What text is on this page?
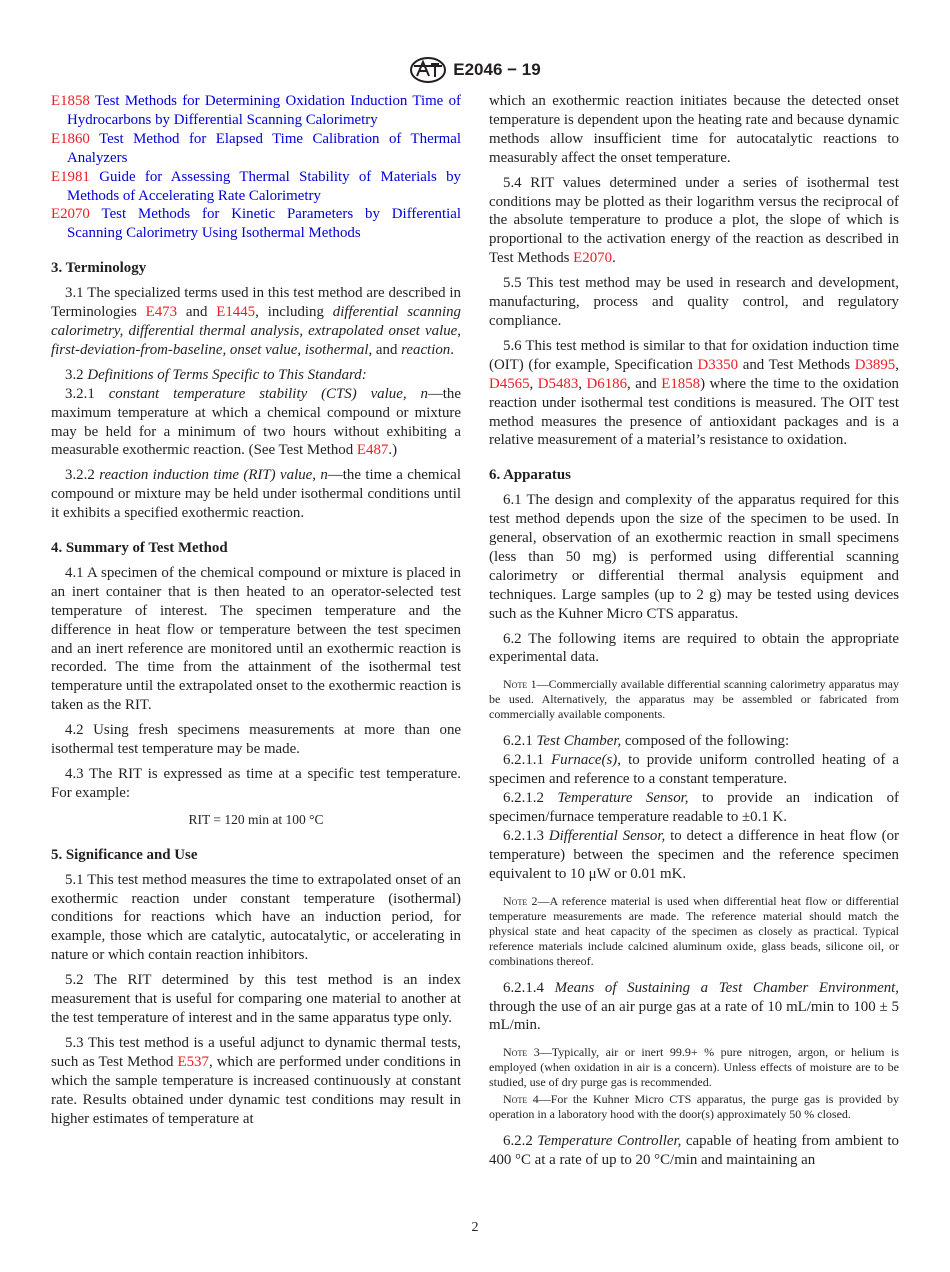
E2046 − 19

E1858 Test Methods for Determining Oxidation Induction Time of Hydrocarbons by Differential Scanning Calorimetry

E1860 Test Method for Elapsed Time Calibration of Thermal Analyzers

E1981 Guide for Assessing Thermal Stability of Materials by Methods of Accelerating Rate Calorimetry

E2070 Test Methods for Kinetic Parameters by Differential Scanning Calorimetry Using Isothermal Methods

3. Terminology

3.1 The specialized terms used in this test method are described in Terminologies E473 and E1445, including differential scanning calorimetry, differential thermal analysis, extrapolated onset value, first-deviation-from-baseline, onset value, isothermal, and reaction.

3.2 Definitions of Terms Specific to This Standard:

3.2.1 constant temperature stability (CTS) value, n—the maximum temperature at which a chemical compound or mixture may be held for a minimum of two hours without exhibiting a measurable exothermic reaction. (See Test Method E487.)

3.2.2 reaction induction time (RIT) value, n—the time a chemical compound or mixture may be held under isothermal conditions until it exhibits a specified exothermic reaction.

4. Summary of Test Method

4.1 A specimen of the chemical compound or mixture is placed in an inert container that is then heated to an operator-selected test temperature of interest. The specimen temperature and the difference in heat flow or temperature between the test specimen and an inert reference are monitored until an exothermic reaction is recorded. The time from the attainment of the isothermal test temperature until the extrapolated onset to the exothermic reaction is taken as the RIT.

4.2 Using fresh specimens measurements at more than one isothermal test temperature may be made.

4.3 The RIT is expressed as time at a specific test temperature. For example:

RIT = 120 min at 100 °C
5. Significance and Use

5.1 This test method measures the time to extrapolated onset of an exothermic reaction under constant temperature (isothermal) conditions for reactions which have an induction period, for example, those which are catalytic, autocatalytic, or accelerating in nature or which contain reaction inhibitors.

5.2 The RIT determined by this test method is an index measurement that is useful for comparing one material to another at the test temperature of interest and in the same apparatus type only.

5.3 This test method is a useful adjunct to dynamic thermal tests, such as Test Method E537, which are performed under conditions in which the sample temperature is increased continuously at constant rate. Results obtained under dynamic test conditions may result in higher estimates of temperature at

which an exothermic reaction initiates because the detected onset temperature is dependent upon the heating rate and because dynamic methods allow insufficient time for autocatalytic reactions to measurably affect the onset temperature.

5.4 RIT values determined under a series of isothermal test conditions may be plotted as their logarithm versus the reciprocal of the absolute temperature to produce a plot, the slope of which is proportional to the activation energy of the reaction as described in Test Methods E2070.

5.5 This test method may be used in research and development, manufacturing, process and quality control, and regulatory compliance.

5.6 This test method is similar to that for oxidation induction time (OIT) (for example, Specification D3350 and Test Methods D3895, D4565, D5483, D6186, and E1858) where the time to the oxidation reaction under isothermal test conditions is measured. The OIT test method measures the presence of antioxidant packages and is a relative measurement of a material’s resistance to oxidation.

6. Apparatus

6.1 The design and complexity of the apparatus required for this test method depends upon the size of the specimen to be used. In general, observation of an exothermic reaction in small specimens (less than 50 mg) is performed using differential scanning calorimetry or differential thermal analysis equipment and techniques. Large samples (up to 2 g) may be tested using devices such as the Kuhner Micro CTS apparatus.

6.2 The following items are required to obtain the appropriate experimental data.

Note 1—Commercially available differential scanning calorimetry apparatus may be used. Alternatively, the apparatus may be assembled or fabricated from commercially available components.

6.2.1 Test Chamber, composed of the following:

6.2.1.1 Furnace(s), to provide uniform controlled heating of a specimen and reference to a constant temperature.

6.2.1.2 Temperature Sensor, to provide an indication of specimen/furnace temperature readable to ±0.1 K.

6.2.1.3 Differential Sensor, to detect a difference in heat flow (or temperature) between the specimen and the reference specimen equivalent to 10 μW or 0.01 mK.

Note 2—A reference material is used when differential heat flow or differential temperature measurements are made. The reference material should match the physical state and heat capacity of the specimen as closely as practical. Typical reference materials include calcined aluminum oxide, glass beads, silicone oil, or combinations thereof.

6.2.1.4 Means of Sustaining a Test Chamber Environment, through the use of an air purge gas at a rate of 10 mL/min to 100 ± 5 mL/min.

Note 3—Typically, air or inert 99.9+ % pure nitrogen, argon, or helium is employed (when oxidation in air is a concern). Unless effects of moisture are to be studied, use of dry purge gas is recommended.

Note 4—For the Kuhner Micro CTS apparatus, the purge gas is provided by operation in a laboratory hood with the door(s) approximately 50 % closed.

6.2.2 Temperature Controller, capable of heating from ambient to 400 °C at a rate of up to 20 °C/min and maintaining an

2
